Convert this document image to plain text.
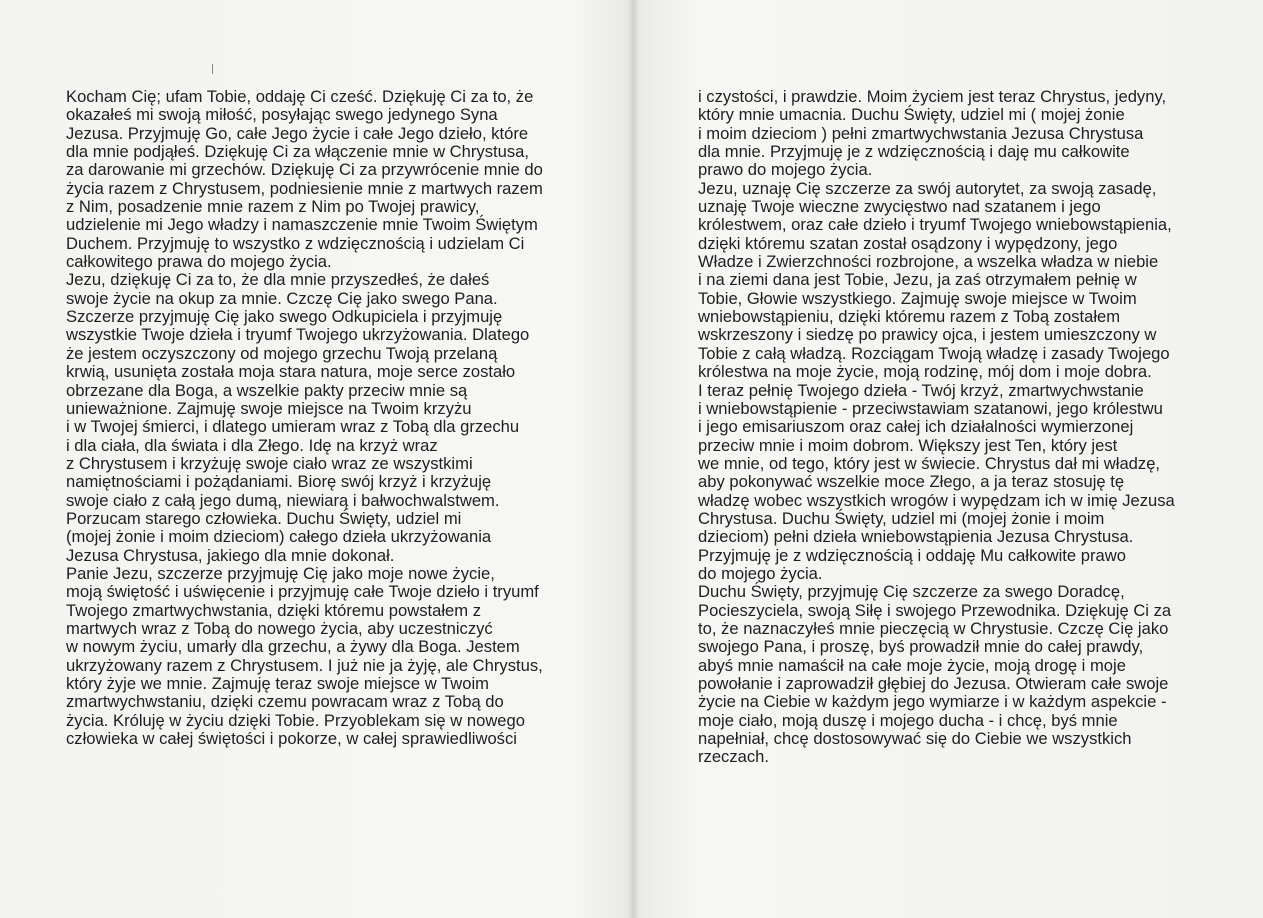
Kocham Cię; ufam Tobie, oddaję Ci cześć. Dziękuję Ci za to, że
okazałeś mi swoją miłość, posyłając swego jedynego Syna
Jezusa. Przyjmuję Go, całe Jego życie i całe Jego dzieło, które
dla mnie podjąłeś. Dziękuję Ci za włączenie mnie w Chrystusa,
za darowanie mi grzechów. Dziękuję Ci za przywrócenie mnie do
życia razem z Chrystusem, podniesienie mnie z martwych razem
z Nim, posadzenie mnie razem z Nim po Twojej prawicy,
udzielenie mi Jego władzy i namaszczenie mnie Twoim Świętym
Duchem. Przyjmuję to wszystko z wdzięcznością i udzielam Ci
całkowitego prawa do mojego życia.
Jezu, dziękuję Ci za to, że dla mnie przyszedłeś, że dałeś
swoje życie na okup za mnie. Czczę Cię jako swego Pana.
Szczerze przyjmuję Cię jako swego Odkupiciela i przyjmuję
wszystkie Twoje dzieła i tryumf Twojego ukrzyżowania. Dlatego
że jestem oczyszczony od mojego grzechu Twoją przelaną
krwią, usunięta została moja stara natura, moje serce zostało
obrzezane dla Boga, a wszelkie pakty przeciw mnie są
unieważnione. Zajmuję swoje miejsce na Twoim krzyżu
i w Twojej śmierci, i dlatego umieram wraz z Tobą dla grzechu
i dla ciała, dla świata i dla Złego. Idę na krzyż wraz
z Chrystusem i krzyżuję swoje ciało wraz ze wszystkimi
namiętnościami i pożądaniami. Biorę swój krzyż i krzyżuję
swoje ciało z całą jego dumą, niewiarą i bałwochwalstwem.
Porzucam starego człowieka. Duchu Święty, udziel mi
(mojej żonie i moim dzieciom) całego dzieła ukrzyżowania
Jezusa Chrystusa, jakiego dla mnie dokonał.
Panie Jezu, szczerze przyjmuję Cię jako moje nowe życie,
moją świętość i uświęcenie i przyjmuję całe Twoje dzieło i tryumf
Twojego zmartwychwstania, dzięki któremu powstałem z
martwych wraz z Tobą do nowego życia, aby uczestniczyć
w nowym życiu, umarły dla grzechu, a żywy dla Boga. Jestem
ukrzyżowany razem z Chrystusem. I już nie ja żyję, ale Chrystus,
który żyje we mnie. Zajmuję teraz swoje miejsce w Twoim
zmartwychwstaniu, dzięki czemu powracam wraz z Tobą do
życia. Króluję w życiu dzięki Tobie. Przyoblekam się w nowego
człowieka w całej świętości i pokorze, w całej sprawiedliwości
i czystości, i prawdzie. Moim życiem jest teraz Chrystus, jedyny,
który mnie umacnia. Duchu Święty, udziel mi ( mojej żonie
i moim dzieciom ) pełni zmartwychwstania Jezusa Chrystusa
dla mnie. Przyjmuję je z wdzięcznością i daję mu całkowite
prawo do mojego życia.
Jezu, uznaję Cię szczerze za swój autorytet, za swoją zasadę,
uznaję Twoje wieczne zwycięstwo nad szatanem i jego
królestwem, oraz całe dzieło i tryumf Twojego wniebowstąpienia,
dzięki któremu szatan został osądzony i wypędzony, jego
Władze i Zwierzchności rozbrojone, a wszelka władza w niebie
i na ziemi dana jest Tobie, Jezu, ja zaś otrzymałem pełnię w
Tobie, Głowie wszystkiego. Zajmuję swoje miejsce w Twoim
wniebowstąpieniu, dzięki któremu razem z Tobą zostałem
wskrzeszony i siedzę po prawicy ojca, i jestem umieszczony w
Tobie z całą władzą. Rozciągam Twoją władzę i zasady Twojego
królestwa na moje życie, moją rodzinę, mój dom i moje dobra.
I teraz pełnię Twojego dzieła - Twój krzyż, zmartwychwstanie
i wniebowstąpienie - przeciwstawiam szatanowi, jego królestwu
i jego emisariuszom oraz całej ich działalności wymierzonej
przeciw mnie i moim dobrom. Większy jest Ten, który jest
we mnie, od tego, który jest w świecie. Chrystus dał mi władzę,
aby pokonywać wszelkie moce Złego, a ja teraz stosuję tę
władzę wobec wszystkich wrogów i wypędzam ich w imię Jezusa
Chrystusa. Duchu Święty, udziel mi (mojej żonie i moim
dzieciom) pełni dzieła wniebowstąpienia Jezusa Chrystusa.
Przyjmuję je z wdzięcznością i oddaję Mu całkowite prawo
do mojego życia.
Duchu Święty, przyjmuję Cię szczerze za swego Doradcę,
Pocieszyciela, swoją Siłę i swojego Przewodnika. Dziękuję Ci za
to, że naznaczyłeś mnie pieczęcią w Chrystusie. Czczę Cię jako
swojego Pana, i proszę, byś prowadził mnie do całej prawdy,
abyś mnie namaścił na całe moje życie, moją drogę i moje
powołanie i zaprowadził głębiej do Jezusa. Otwieram całe swoje
życie na Ciebie w każdym jego wymiarze i w każdym aspekcie -
moje ciało, moją duszę i mojego ducha - i chcę, byś mnie
napełniał, chcę dostosowywać się do Ciebie we wszystkich
rzeczach.
